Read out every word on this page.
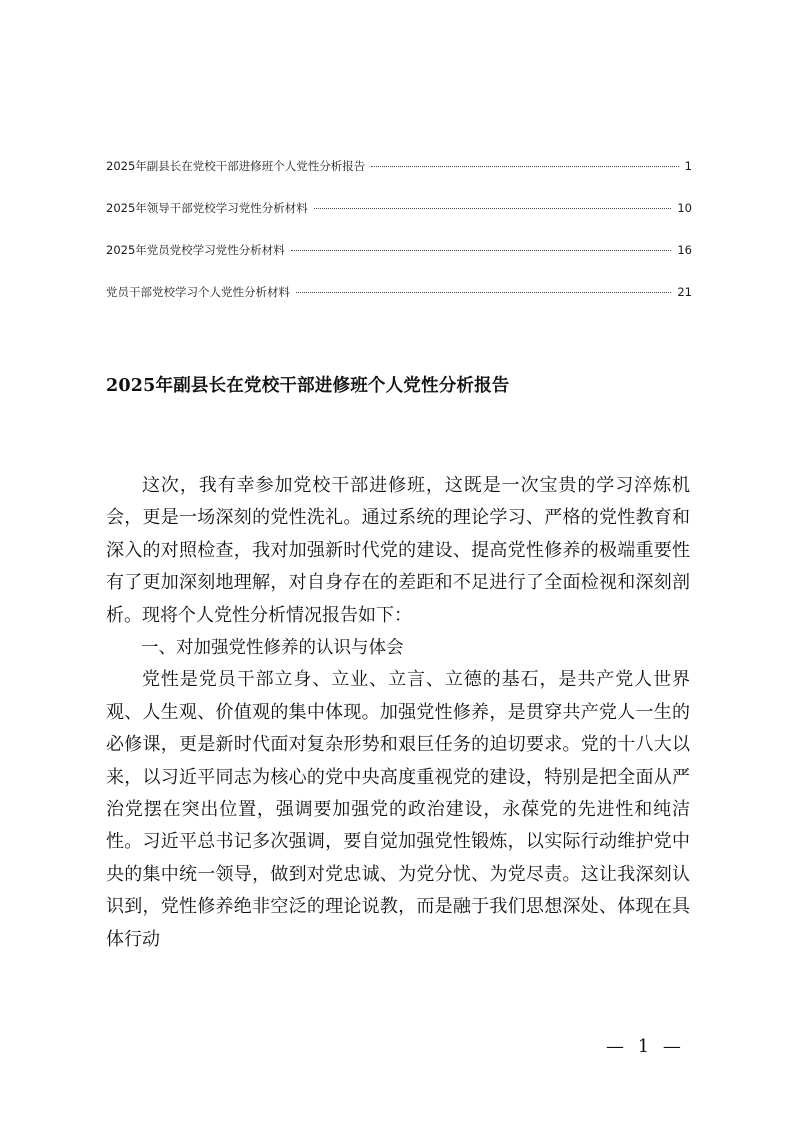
2025年副县长在党校干部进修班个人党性分析报告	1
2025年领导干部党校学习党性分析材料	10
2025年党员党校学习党性分析材料	16
党员干部党校学习个人党性分析材料	21
2025年副县长在党校干部进修班个人党性分析报告

这次，我有幸参加党校干部进修班，这既是一次宝贵的学习淬炼机会，更是一场深刻的党性洗礼。通过系统的理论学习、严格的党性教育和深入的对照检查，我对加强新时代党的建设、提高党性修养的极端重要性有了更加深刻地理解，对自身存在的差距和不足进行了全面检视和深刻剖析。现将个人党性分析情况报告如下：

一、对加强党性修养的认识与体会

党性是党员干部立身、立业、立言、立德的基石，是共产党人世界观、人生观、价值观的集中体现。加强党性修养，是贯穿共产党人一生的必修课，更是新时代面对复杂形势和艰巨任务的迫切要求。党的十八大以来，以习近平同志为核心的党中央高度重视党的建设，特别是把全面从严治党摆在突出位置，强调要加强党的政治建设，永葆党的先进性和纯洁性。习近平总书记多次强调，要自觉加强党性锻炼，以实际行动维护党中央的集中统一领导，做到对党忠诚、为党分忧、为党尽责。这让我深刻认识到，党性修养绝非空泛的理论说教，而是融于我们思想深处、体现在具体行动

— 1 —
